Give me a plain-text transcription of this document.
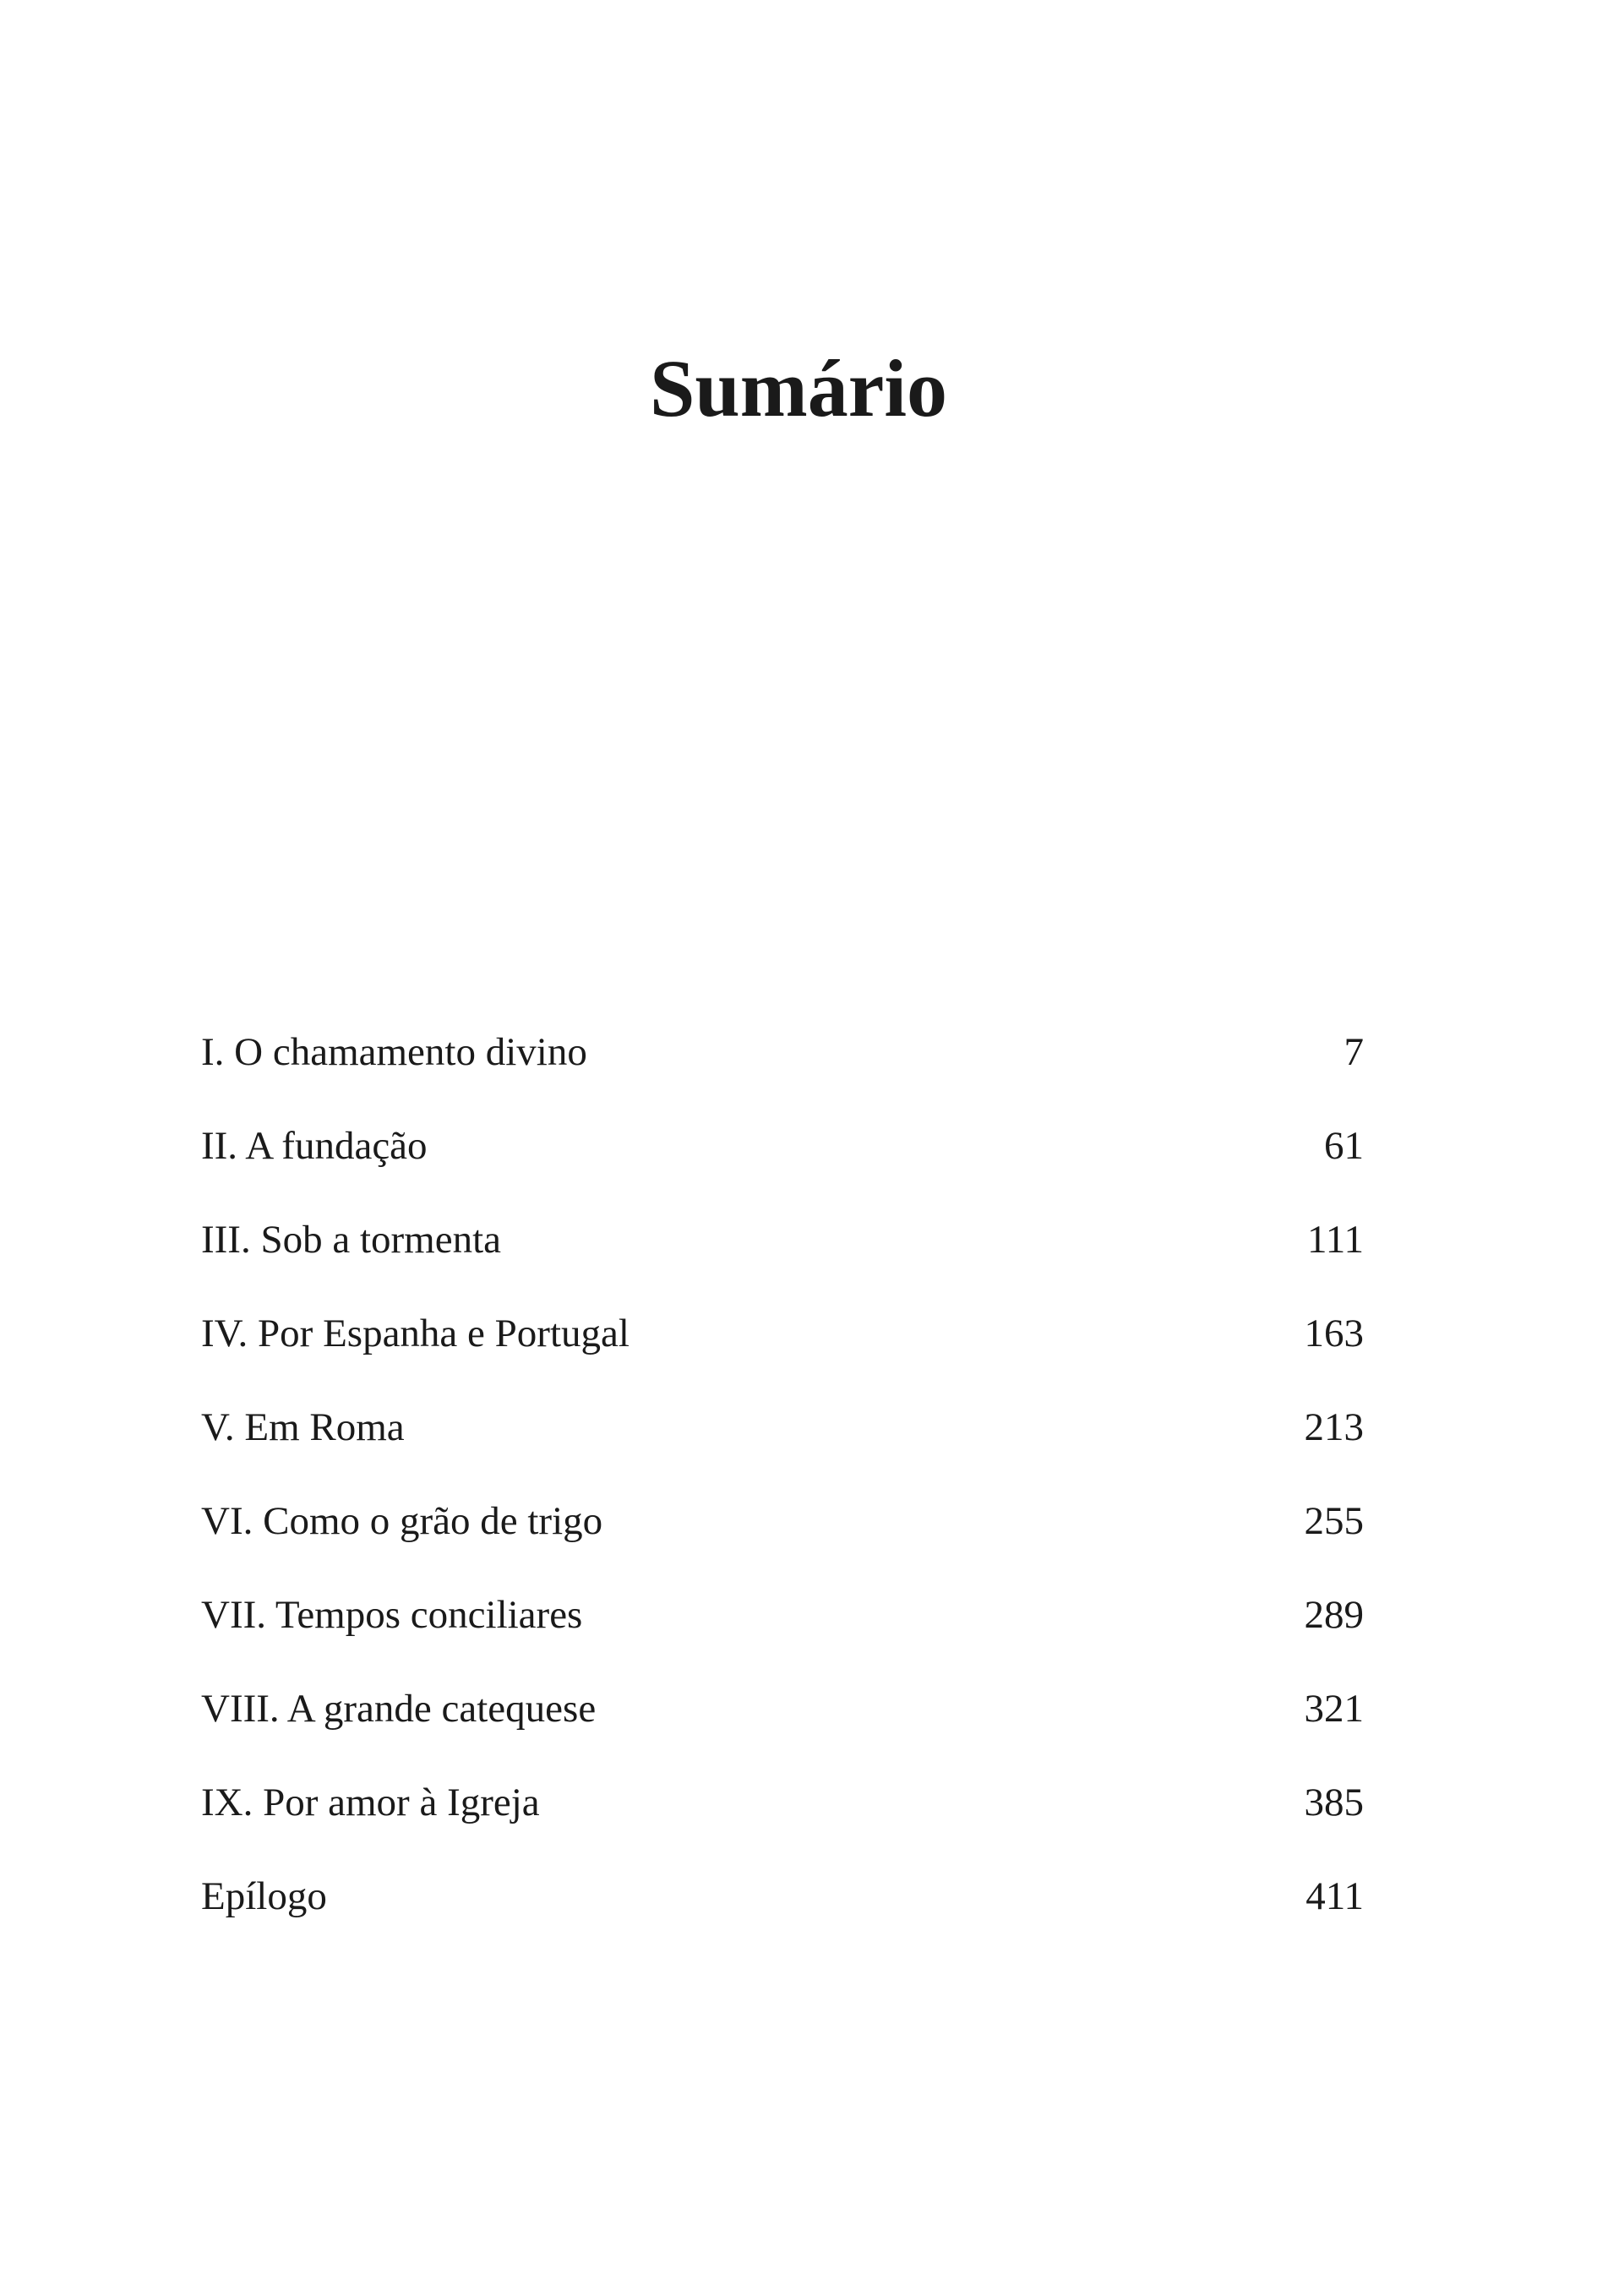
Sumário
I. O chamamento divino	7
II. A fundação	61
III. Sob a tormenta	111
IV. Por Espanha e Portugal	163
V. Em Roma	213
VI. Como o grão de trigo	255
VII. Tempos conciliares	289
VIII. A grande catequese	321
IX. Por amor à Igreja	385
Epílogo	411
